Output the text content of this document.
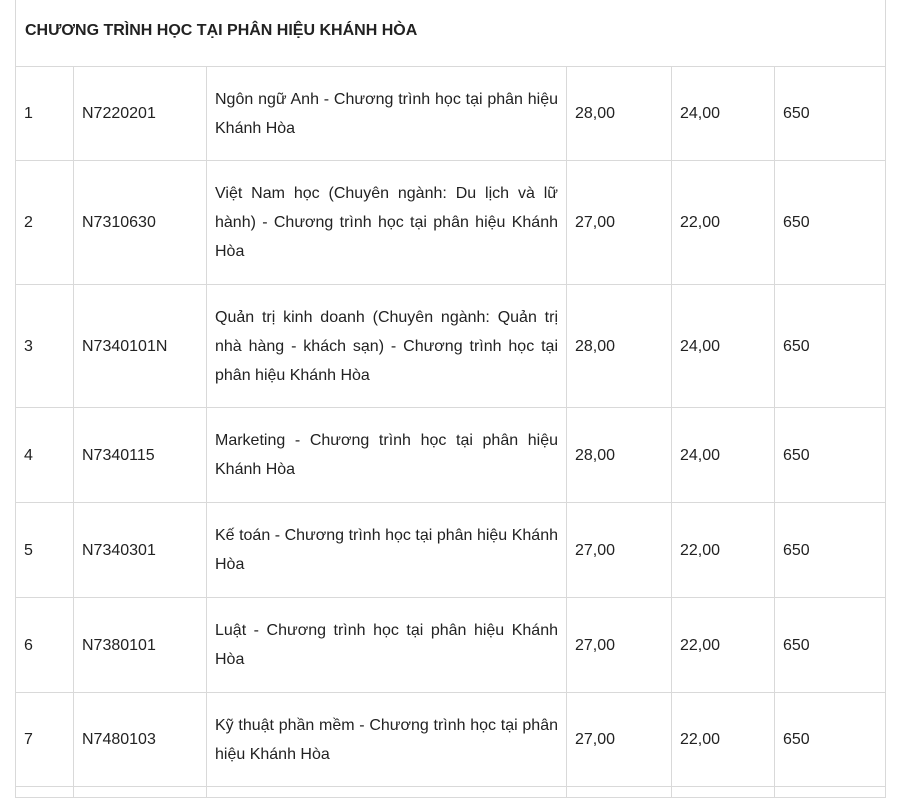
CHƯƠNG TRÌNH HỌC TẠI PHÂN HIỆU KHÁNH HÒA					
1	N7220201	Ngôn ngữ Anh - Chương trình học tại phân hiệu Khánh Hòa	28,00	24,00	650
2	N7310630	Việt Nam học (Chuyên ngành: Du lịch và lữ hành) - Chương trình học tại phân hiệu Khánh Hòa	27,00	22,00	650
3	N7340101N	Quản trị kinh doanh (Chuyên ngành: Quản trị nhà hàng - khách sạn) - Chương trình học tại phân hiệu Khánh Hòa	28,00	24,00	650
4	N7340115	Marketing - Chương trình học tại phân hiệu Khánh Hòa	28,00	24,00	650
5	N7340301	Kế toán - Chương trình học tại phân hiệu Khánh Hòa	27,00	22,00	650
6	N7380101	Luật - Chương trình học tại phân hiệu Khánh Hòa	27,00	22,00	650
7	N7480103	Kỹ thuật phần mềm - Chương trình học tại phân hiệu Khánh Hòa	27,00	22,00	650
